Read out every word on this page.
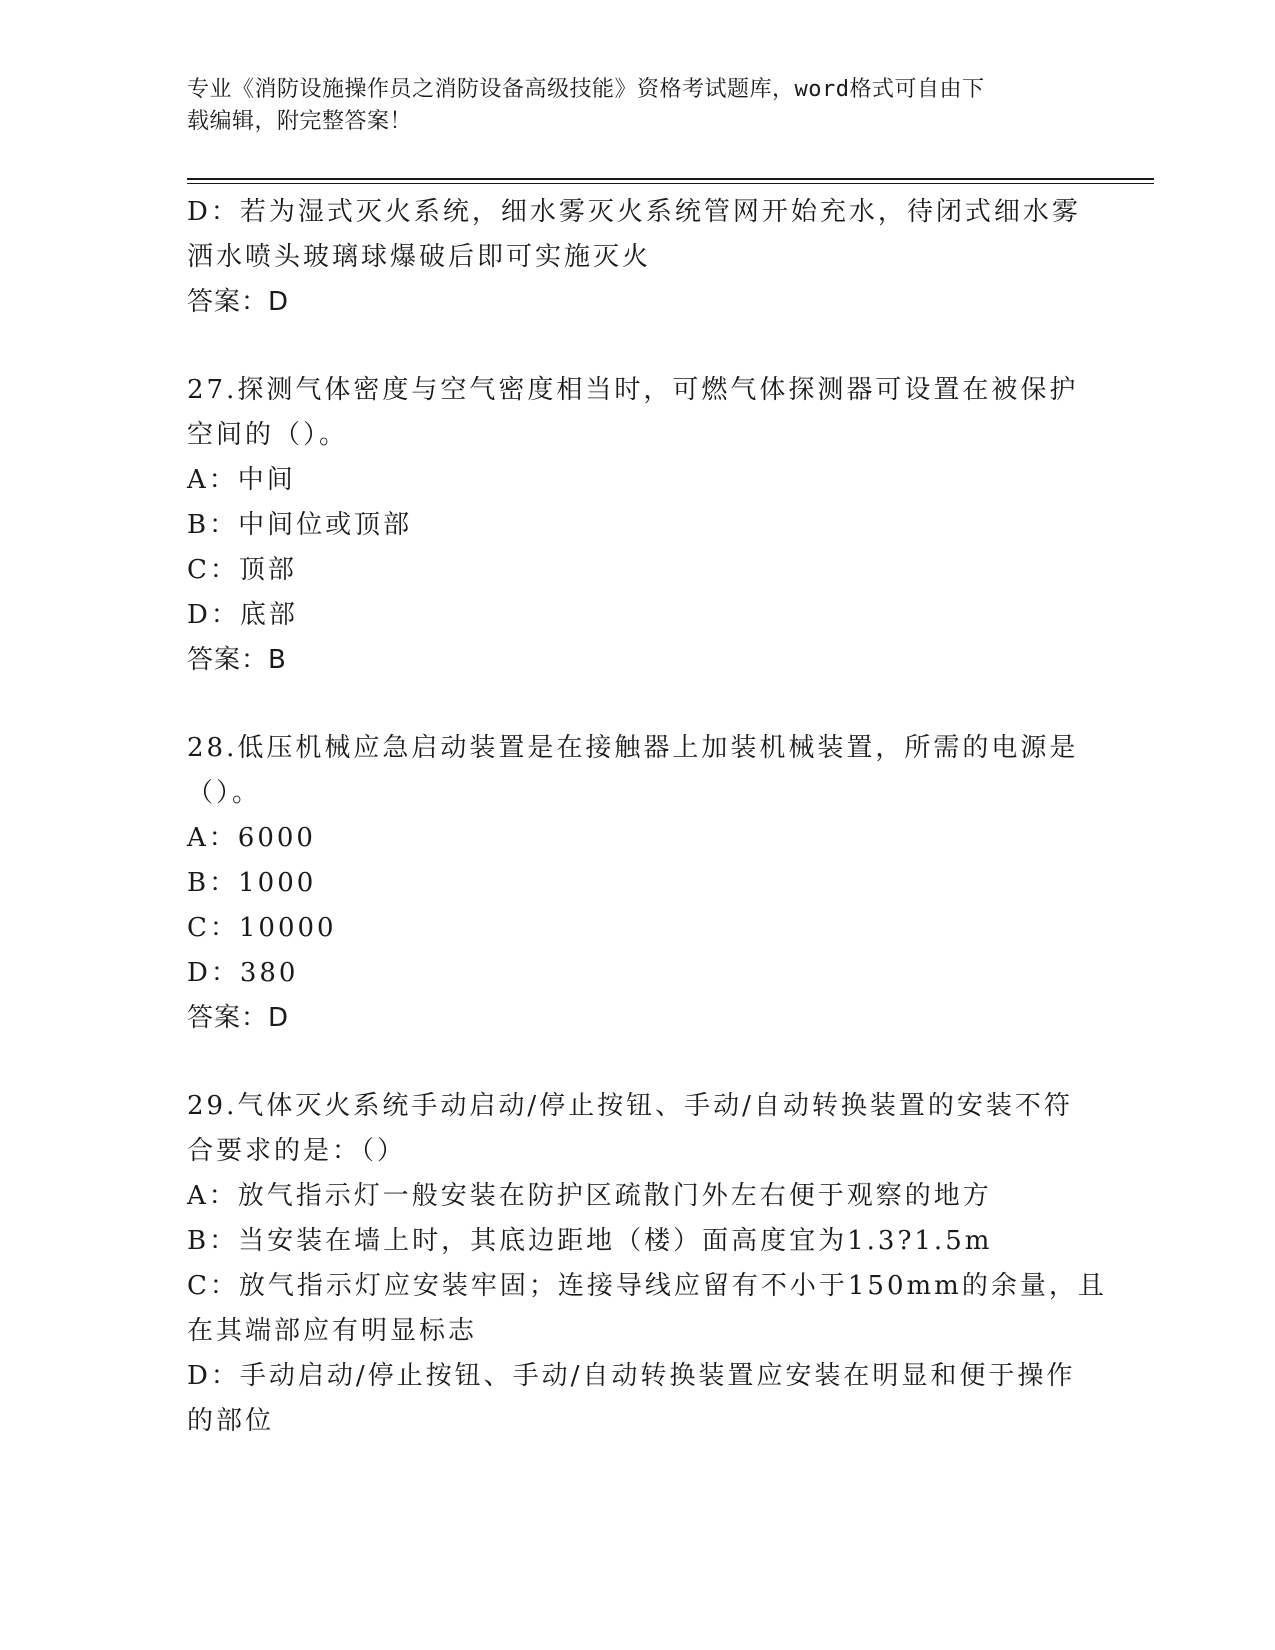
专业《消防设施操作员之消防设备高级技能》资格考试题库，word格式可自由下
载编辑，附完整答案！

D：若为湿式灭火系统，细水雾灭火系统管网开始充水，待闭式细水雾

洒水喷头玻璃球爆破后即可实施灭火

答案：D

27.探测气体密度与空气密度相当时，可燃气体探测器可设置在被保护

空间的（）。

A：中间

B：中间位或顶部

C：顶部

D：底部

答案：B

28.低压机械应急启动装置是在接触器上加装机械装置，所需的电源是

（）。

A：6000

B：1000

C：10000

D：380

答案：D

29.气体灭火系统手动启动/停止按钮、手动/自动转换装置的安装不符

合要求的是：（）

A：放气指示灯一般安装在防护区疏散门外左右便于观察的地方

B：当安装在墙上时，其底边距地（楼）面高度宜为1.3?1.5m

C：放气指示灯应安装牢固；连接导线应留有不小于150mm的余量，且

在其端部应有明显标志

D：手动启动/停止按钮、手动/自动转换装置应安装在明显和便于操作

的部位
